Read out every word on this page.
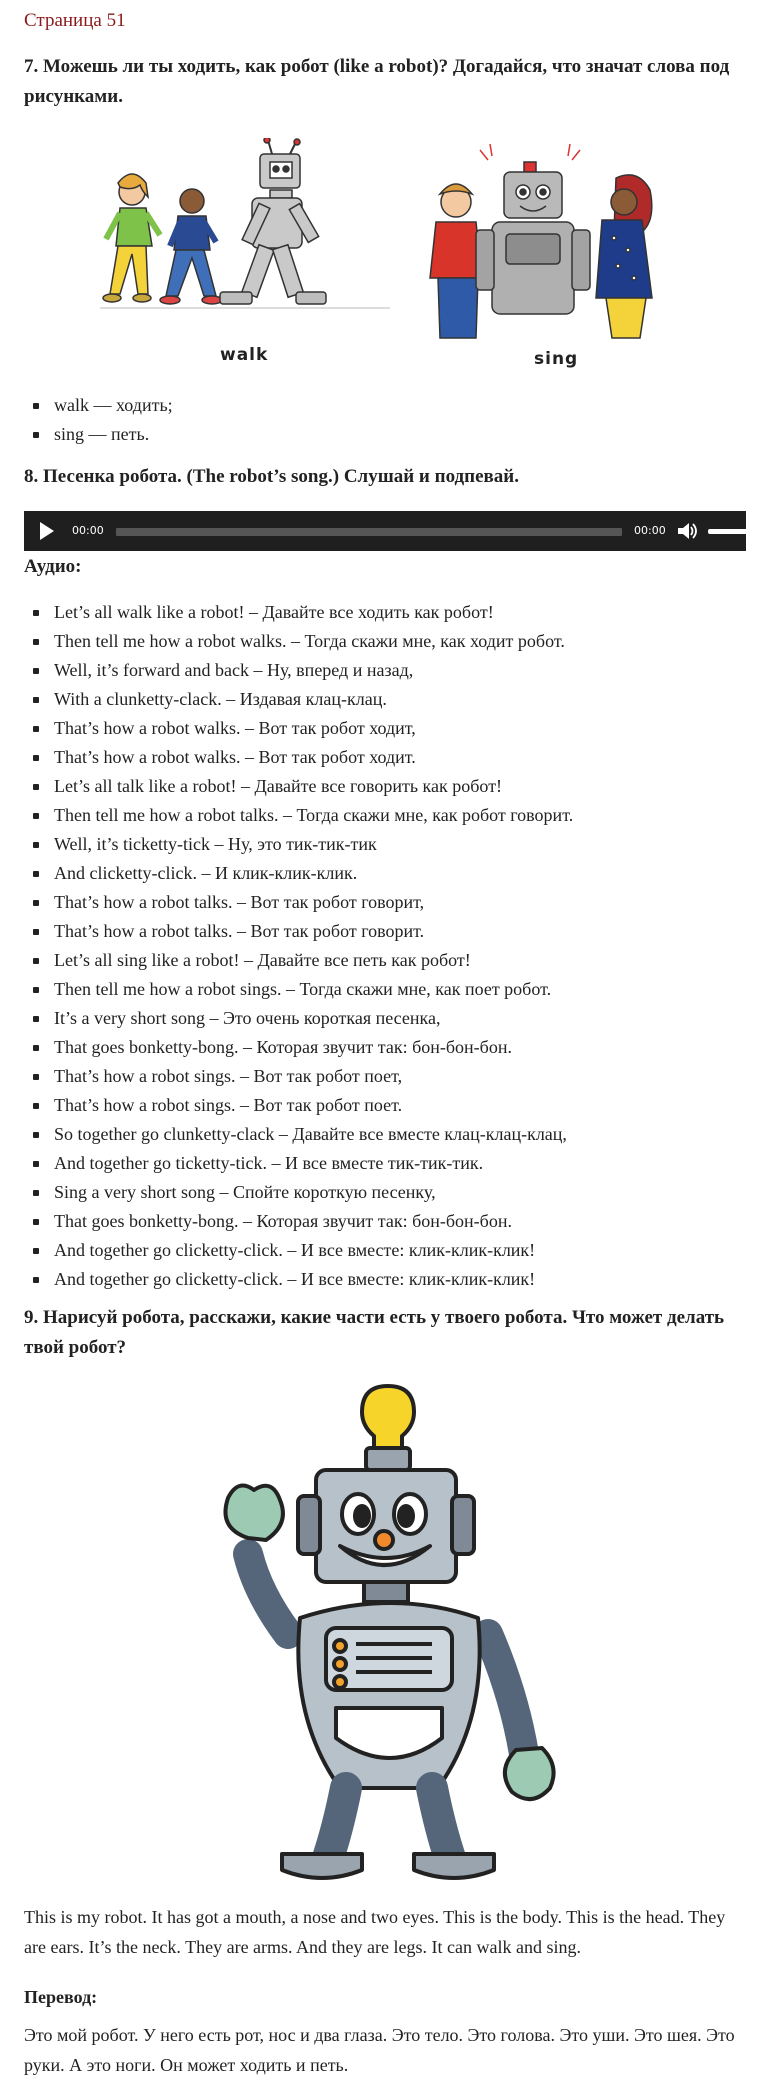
Страница 51
7. Можешь ли ты ходить, как робот (like a robot)? Догадайся, что значат слова под рисунками.
walk	sing
walk — ходить;
sing — петь.
8. Песенка робота. (The robot’s song.) Слушай и подпевай.
00:00	00:00
Аудио:
Let’s all walk like a robot! – Давайте все ходить как робот!
Then tell me how a robot walks. – Тогда скажи мне, как ходит робот.
Well, it’s forward and back – Ну, вперед и назад,
With a clunketty-clack. – Издавая клац-клац.
That’s how a robot walks. – Вот так робот ходит,
That’s how a robot walks. – Вот так робот ходит.
Let’s all talk like a robot! – Давайте все говорить как робот!
Then tell me how a robot talks. – Тогда скажи мне, как робот говорит.
Well, it’s ticketty-tick – Ну, это тик-тик-тик
And clicketty-click. – И клик-клик-клик.
That’s how a robot talks. – Вот так робот говорит,
That’s how a robot talks. – Вот так робот говорит.
Let’s all sing like a robot! – Давайте все петь как робот!
Then tell me how a robot sings. – Тогда скажи мне, как поет робот.
It’s a very short song – Это очень короткая песенка,
That goes bonketty-bong. – Которая звучит так: бон-бон-бон.
That’s how a robot sings. – Вот так робот поет,
That’s how a robot sings. – Вот так робот поет.
So together go clunketty-clack – Давайте все вместе клац-клац-клац,
And together go ticketty-tick. – И все вместе тик-тик-тик.
Sing a very short song – Спойте короткую песенку,
That goes bonketty-bong. – Которая звучит так: бон-бон-бон.
And together go clicketty-click. – И все вместе: клик-клик-клик!
And together go clicketty-click. – И все вместе: клик-клик-клик!
9. Нарисуй робота, расскажи, какие части есть у твоего робота. Что может делать твой робот?

This is my robot. It has got a mouth, a nose and two eyes. This is the body. This is the head. They are ears. It’s the neck. They are arms. And they are legs. It can walk and sing.

Перевод:

Это мой робот. У него есть рот, нос и два глаза. Это тело. Это голова. Это уши. Это шея. Это руки. А это ноги. Он может ходить и петь.
